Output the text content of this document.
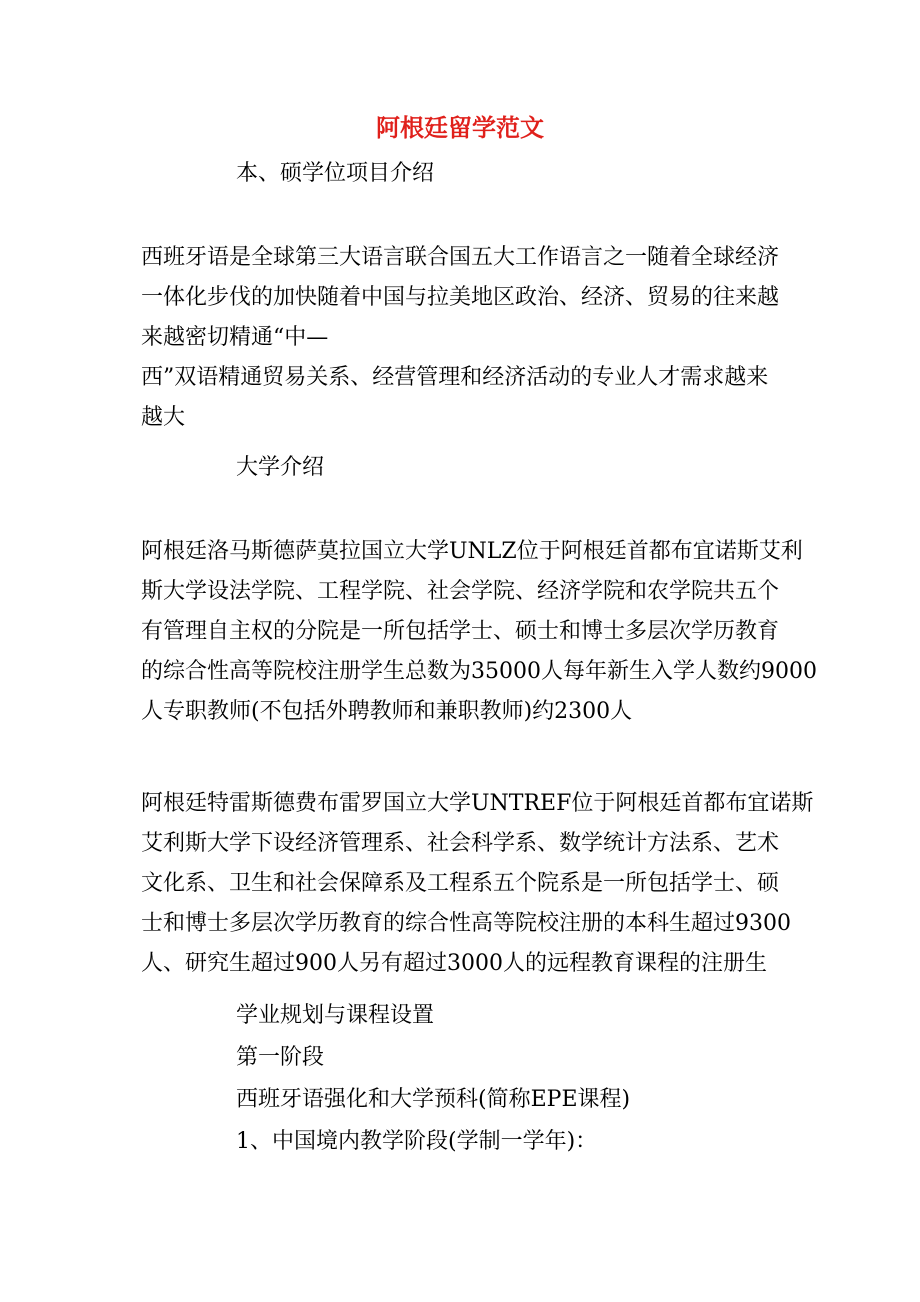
阿根廷留学范文
本、硕学位项目介绍
西班牙语是全球第三大语言联合国五大工作语言之一随着全球经济
一体化步伐的加快随着中国与拉美地区政治、经济、贸易的往来越
来越密切精通“中—
西”双语精通贸易关系、经营管理和经济活动的专业人才需求越来
越大
大学介绍
阿根廷洛马斯德萨莫拉国立大学UNLZ位于阿根廷首都布宜诺斯艾利
斯大学设法学院、工程学院、社会学院、经济学院和农学院共五个
有管理自主权的分院是一所包括学士、硕士和博士多层次学历教育
的综合性高等院校注册学生总数为35000人每年新生入学人数约9000
人专职教师(不包括外聘教师和兼职教师)约2300人
阿根廷特雷斯德费布雷罗国立大学UNTREF位于阿根廷首都布宜诺斯
艾利斯大学下设经济管理系、社会科学系、数学统计方法系、艺术
文化系、卫生和社会保障系及工程系五个院系是一所包括学士、硕
士和博士多层次学历教育的综合性高等院校注册的本科生超过9300
人、研究生超过900人另有超过3000人的远程教育课程的注册生
学业规划与课程设置
第一阶段
西班牙语强化和大学预科(简称EPE课程)
1、中国境内教学阶段(学制一学年)：
